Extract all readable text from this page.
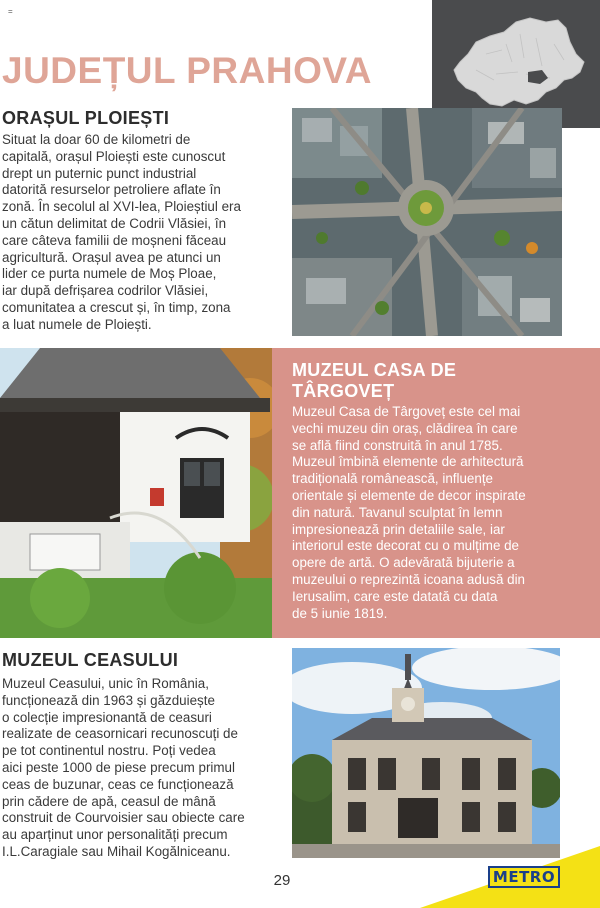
=
JUDEȚUL PRAHOVA
ORAȘUL PLOIEȘTI
Situat la doar 60 de kilometri de
capitală, orașul Ploiești este cunoscut
drept un puternic punct industrial
datorită resurselor petroliere aflate în
zonă. În secolul al XVI-lea, Ploieștiul era
un cătun delimitat de Codrii Vlăsiei, în
care câteva familii de moșneni făceau
agricultură. Orașul avea pe atunci un
lider ce purta numele de Moș Ploae,
iar după defrișarea codrilor Vlăsiei,
comunitatea a crescut și, în timp, zona
a luat numele de Ploiești.
MUZEUL CASA DE
TÂRGOVEȚ
Muzeul Casa de Târgoveț este cel mai
vechi muzeu din oraș, clădirea în care
se află fiind construită în anul 1785.
Muzeul îmbină elemente de arhitectură
tradițională românească, influențe
orientale și elemente de decor inspirate
din natură. Tavanul sculptat în lemn
impresionează prin detaliile sale, iar
interiorul este decorat cu o mulțime de
opere de artă. O adevărată bijuterie a
muzeului o reprezintă icoana adusă din
Ierusalim, care este datată cu data
de 5 iunie 1819.
MUZEUL CEASULUI
Muzeul Ceasului, unic în România,
funcționează din 1963 și găzduiește
o colecție impresionantă de ceasuri
realizate de ceasornicari recunoscuți de
pe tot continentul nostru. Poți vedea
aici peste 1000 de piese precum primul
ceas de buzunar, ceas ce funcționează
prin cădere de apă, ceasul de mână
construit de Courvoisier sau obiecte care
au aparținut unor personalități precum
I.L.Caragiale sau Mihail Kogălniceanu.
29	METRO
